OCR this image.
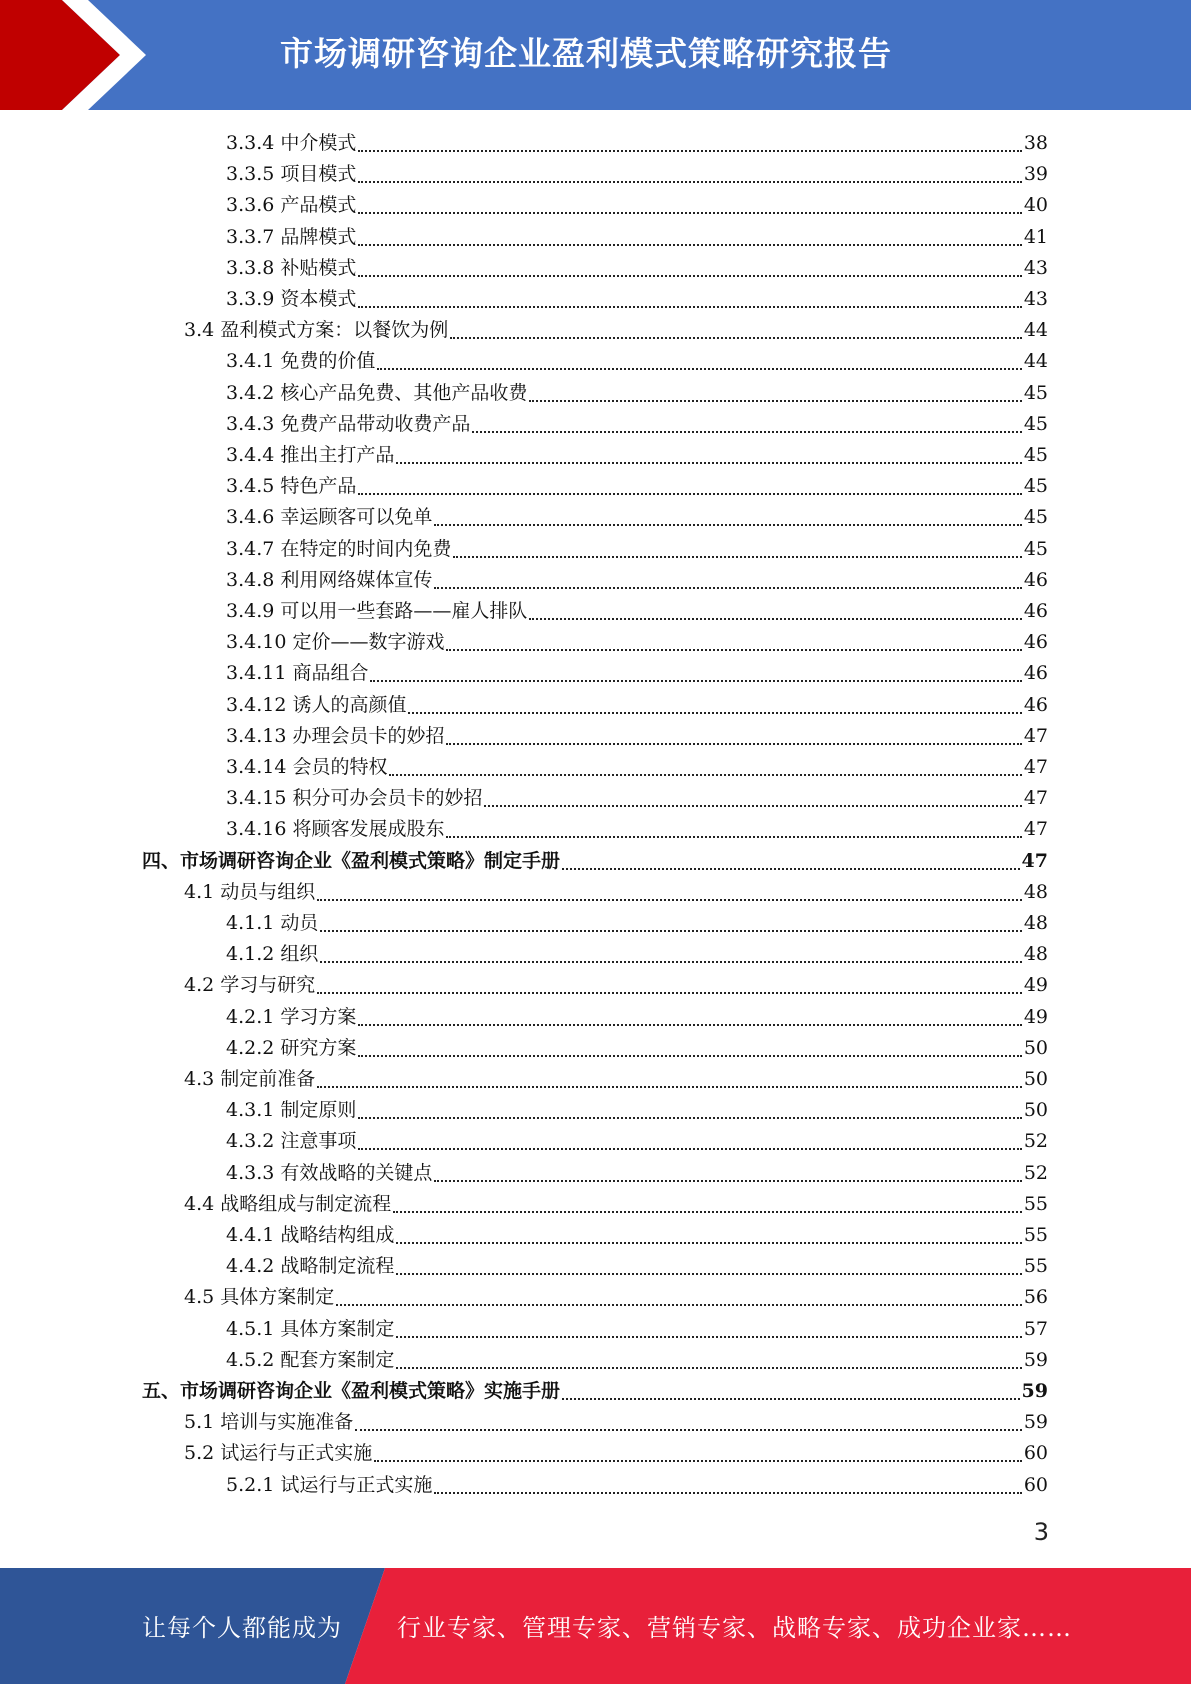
市场调研咨询企业盈利模式策略研究报告
3.3.4 中介模式	38
3.3.5 项目模式	39
3.3.6 产品模式	40
3.3.7 品牌模式	41
3.3.8 补贴模式	43
3.3.9 资本模式	43
3.4 盈利模式方案：以餐饮为例	44
3.4.1 免费的价值	44
3.4.2 核心产品免费、其他产品收费	45
3.4.3 免费产品带动收费产品	45
3.4.4 推出主打产品	45
3.4.5 特色产品	45
3.4.6 幸运顾客可以免单	45
3.4.7 在特定的时间内免费	45
3.4.8 利用网络媒体宣传	46
3.4.9 可以用一些套路——雇人排队	46
3.4.10 定价——数字游戏	46
3.4.11 商品组合	46
3.4.12 诱人的高颜值	46
3.4.13 办理会员卡的妙招	47
3.4.14 会员的特权	47
3.4.15 积分可办会员卡的妙招	47
3.4.16 将顾客发展成股东	47
四、市场调研咨询企业《盈利模式策略》制定手册	47
4.1 动员与组织	48
4.1.1 动员	48
4.1.2 组织	48
4.2 学习与研究	49
4.2.1 学习方案	49
4.2.2 研究方案	50
4.3 制定前准备	50
4.3.1 制定原则	50
4.3.2 注意事项	52
4.3.3 有效战略的关键点	52
4.4 战略组成与制定流程	55
4.4.1 战略结构组成	55
4.4.2 战略制定流程	55
4.5 具体方案制定	56
4.5.1 具体方案制定	57
4.5.2 配套方案制定	59
五、市场调研咨询企业《盈利模式策略》实施手册	59
5.1 培训与实施准备	59
5.2 试运行与正式实施	60
5.2.1 试运行与正式实施	60
3
让每个人都能成为 行业专家、管理专家、营销专家、战略专家、成功企业家……
